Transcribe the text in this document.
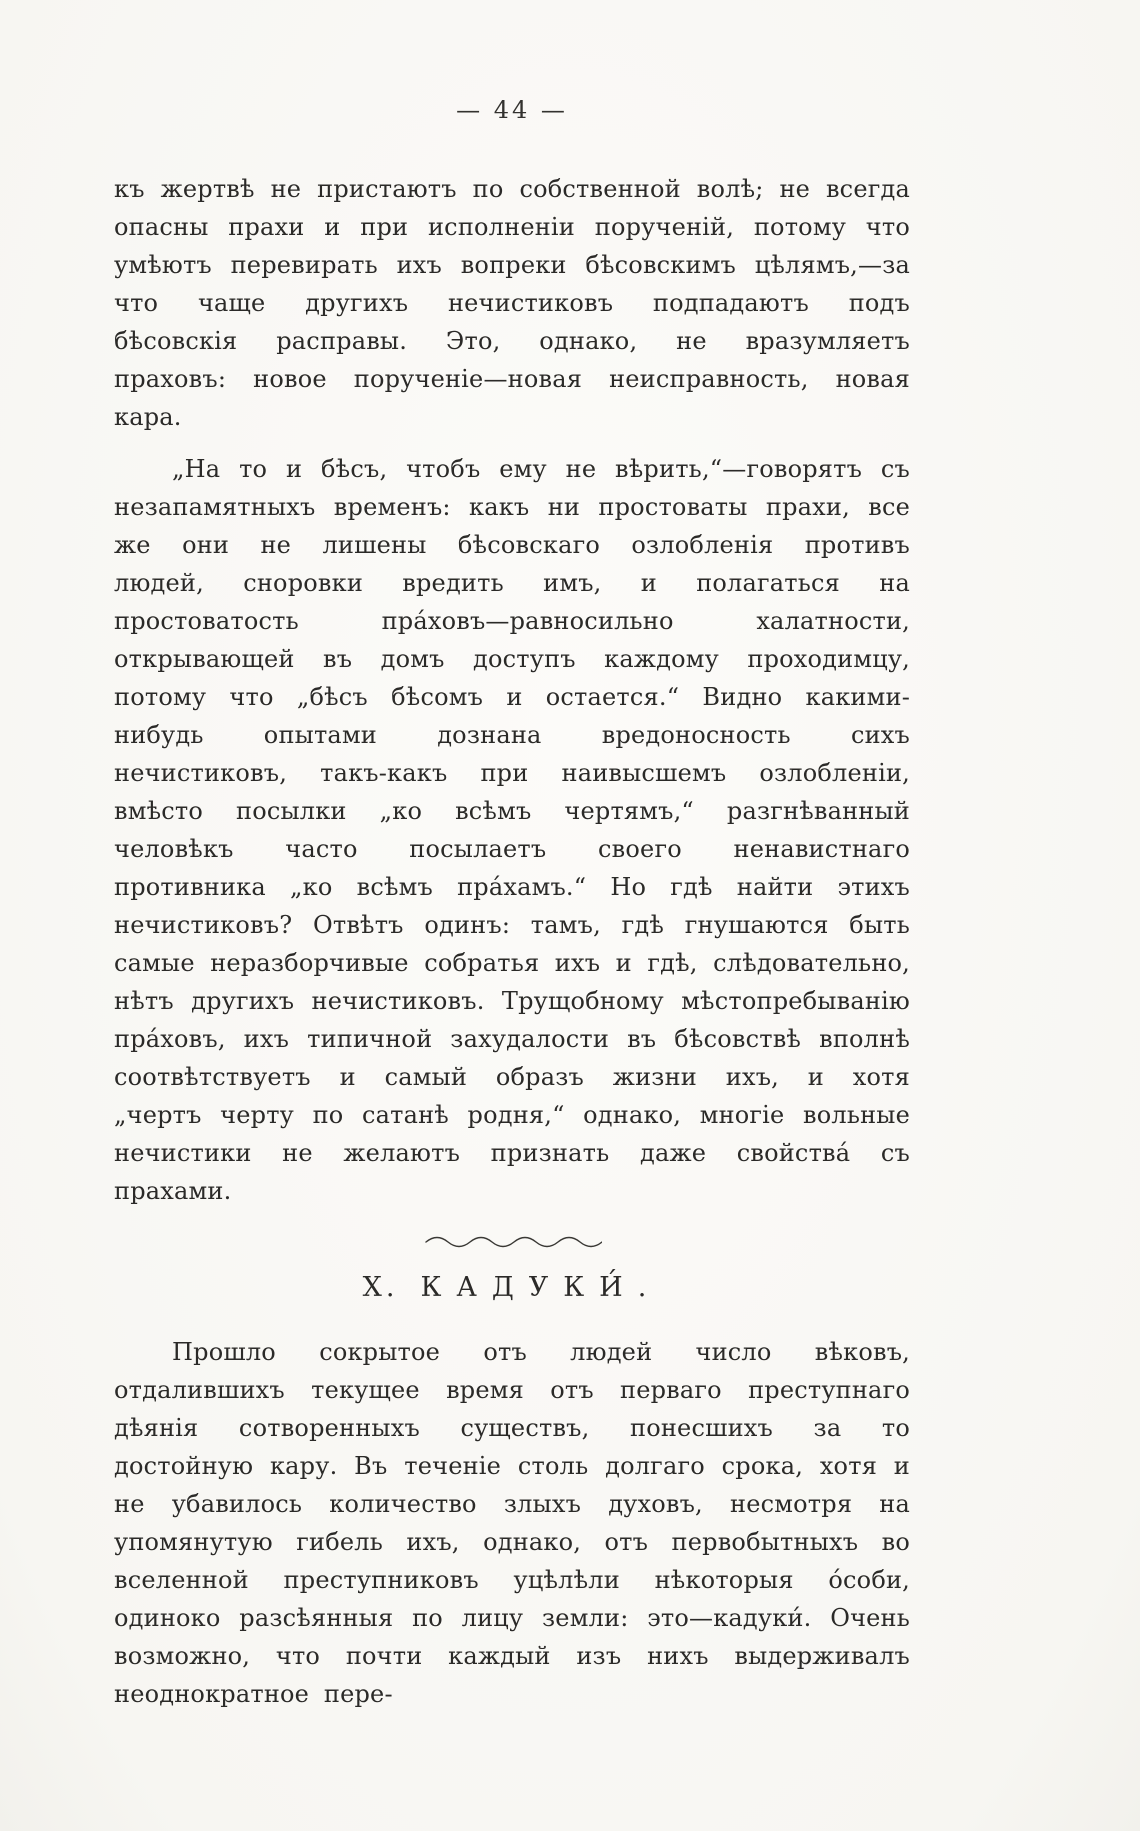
— 44 —

къ жертвѣ не пристаютъ по собственной волѣ; не всегда опасны прахи и при исполненіи порученій, потому что умѣютъ перевирать ихъ вопреки бѣсовскимъ цѣлямъ,—за что чаще другихъ нечистиковъ подпадаютъ подъ бѣсовскія расправы. Это, однако, не вразумляетъ праховъ: новое порученіе—новая неисправность, новая кара.

„На то и бѣсъ, чтобъ ему не вѣрить,“—говорятъ съ незапамятныхъ временъ: какъ ни простоваты прахи, все же они не лишены бѣсовскаго озлобленія противъ людей, сноровки вредить имъ, и полагаться на простоватость пра́ховъ—равносильно халатности, открывающей въ домъ доступъ каждому проходимцу, потому что „бѣсъ бѣсомъ и остается.“ Видно какими-нибудь опытами дознана вредоносность сихъ нечистиковъ, такъ-какъ при наивысшемъ озлобленіи, вмѣсто посылки „ко всѣмъ чертямъ,“ разгнѣванный человѣкъ часто посылаетъ своего ненавистнаго противника „ко всѣмъ пра́хамъ.“ Но гдѣ найти этихъ нечистиковъ? Отвѣтъ одинъ: тамъ, гдѣ гнушаются быть самые неразборчивые собратья ихъ и гдѣ, слѣдовательно, нѣтъ другихъ нечистиковъ. Трущобному мѣстопребыванію пра́ховъ, ихъ типичной захудалости въ бѣсовствѣ вполнѣ соотвѣтствуетъ и самый образъ жизни ихъ, и хотя „чертъ черту по сатанѣ родня,“ однако, многіе вольные нечистики не желаютъ признать даже свойства́ съ прахами.

X. КАДУКИ́.

Прошло сокрытое отъ людей число вѣковъ, отдалившихъ текущее время отъ перваго преступнаго дѣянія сотворенныхъ существъ, понесшихъ за то достойную кару. Въ теченіе столь долгаго срока, хотя и не убавилось количество злыхъ духовъ, несмотря на упомянутую гибель ихъ, однако, отъ первобытныхъ во вселенной преступниковъ уцѣлѣли нѣкоторыя о́соби, одиноко разсѣянныя по лицу земли: это—кадуки́. Очень возможно, что почти каждый изъ нихъ выдерживалъ неоднократное пере-
